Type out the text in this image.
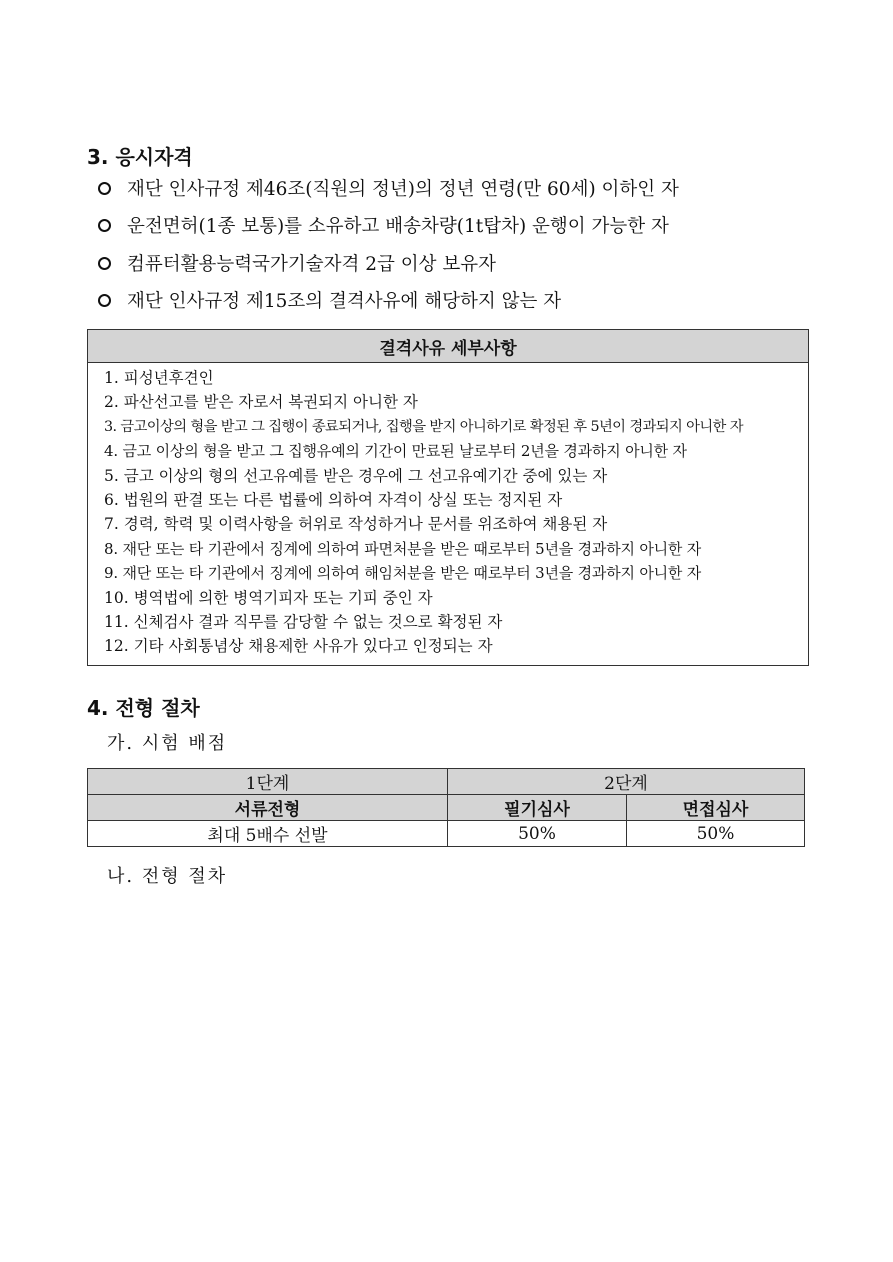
3. 응시자격
재단 인사규정 제46조(직원의 정년)의 정년 연령(만 60세) 이하인 자
운전면허(1종 보통)를 소유하고 배송차량(1t탑차) 운행이 가능한 자
컴퓨터활용능력국가기술자격 2급 이상 보유자
재단 인사규정 제15조의 결격사유에 해당하지 않는 자
결격사유 세부사항
1. 피성년후견인
2. 파산선고를 받은 자로서 복권되지 아니한 자
3. 금고이상의 형을 받고 그 집행이 종료되거나, 집행을 받지 아니하기로 확정된 후 5년이 경과되지 아니한 자
4. 금고 이상의 형을 받고 그 집행유예의 기간이 만료된 날로부터 2년을 경과하지 아니한 자
5. 금고 이상의 형의 선고유예를 받은 경우에 그 선고유예기간 중에 있는 자
6. 법원의 판결 또는 다른 법률에 의하여 자격이 상실 또는 정지된 자
7. 경력, 학력 및 이력사항을 허위로 작성하거나 문서를 위조하여 채용된 자
8. 재단 또는 타 기관에서 징계에 의하여 파면처분을 받은 때로부터 5년을 경과하지 아니한 자
9. 재단 또는 타 기관에서 징계에 의하여 해임처분을 받은 때로부터 3년을 경과하지 아니한 자
10. 병역법에 의한 병역기피자 또는 기피 중인 자
11. 신체검사 결과 직무를 감당할 수 없는 것으로 확정된 자
12. 기타 사회통념상 채용제한 사유가 있다고 인정되는 자
4. 전형 절차
가. 시험 배점
1단계	2단계	
서류전형	필기심사	면접심사
최대 5배수 선발	50%	50%
나. 전형 절차
